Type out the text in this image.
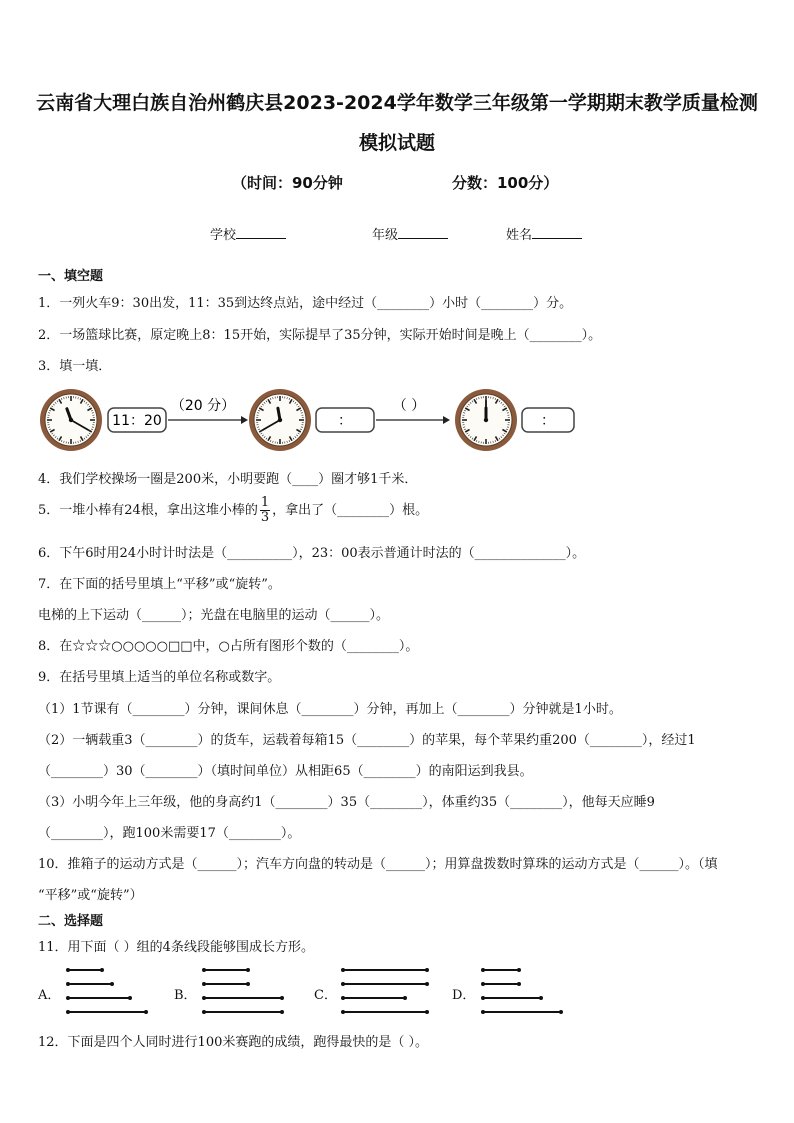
云南省大理白族自治州鹤庆县2023-2024学年数学三年级第一学期期末教学质量检测
模拟试题
（时间：90分钟	分数：100分）
学校	年级	姓名
一、填空题
1．一列火车9：30出发，11：35到达终点站，途中经过（________）小时（________）分。
2．一场篮球比赛，原定晚上8：15开始，实际提早了35分钟，实际开始时间是晚上（________）。
3．填一填．
11：20
（20 分）
：
（ ）
：
4．我们学校操场一圈是200米，小明要跑（____）圈才够1千米．
5．一堆小棒有24根，拿出这堆小棒的 $\frac{1}{3}$ ，拿出了（________）根。
6．下午6时用24小时计时法是（__________），23：00表示普通计时法的（______________）。
7．在下面的括号里填上“平移”或“旋转”。
电梯的上下运动（______）；光盘在电脑里的运动（______）。
8．在☆☆☆○○○○○□□中，○占所有图形个数的（________）。
9．在括号里填上适当的单位名称或数字。
（1）1节课有（________）分钟，课间休息（________）分钟，再加上（________）分钟就是1小时。
（2）一辆载重3（________）的货车，运载着每箱15（________）的苹果，每个苹果约重200（________），经过1
（________）30（________）（填时间单位）从相距65（________）的南阳运到我县。
（3）小明今年上三年级，他的身高约1（________）35（________），体重约35（________），他每天应睡9
（________），跑100米需要17（________）。
10．推箱子的运动方式是（______）；汽车方向盘的转动是（______）；用算盘拨数时算珠的运动方式是（______）。（填
“平移”或“旋转”）
二、选择题
11．用下面（ ）组的4条线段能够围成长方形。
A．	B．	C．	D．
12．下面是四个人同时进行100米赛跑的成绩，跑得最快的是（ ）。
